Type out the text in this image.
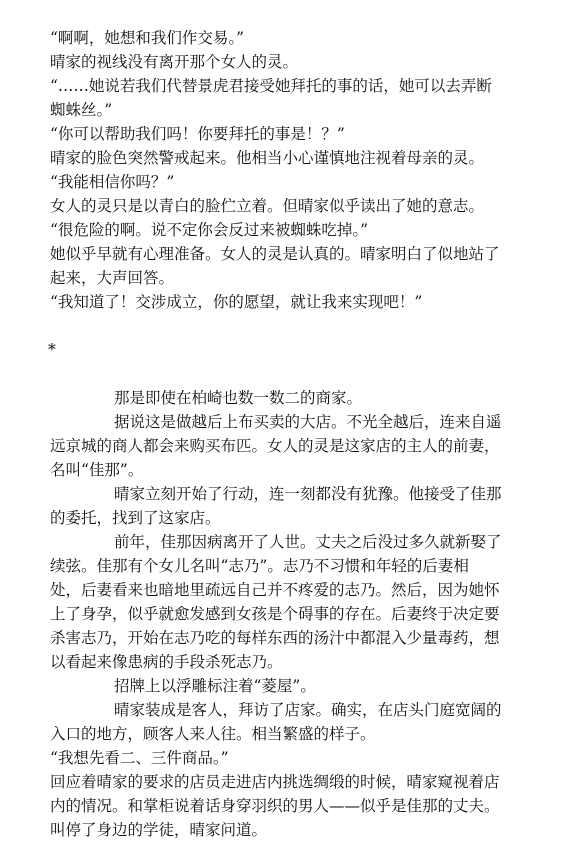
“啊啊，她想和我们作交易。”
晴家的视线没有离开那个女人的灵。
“……她说若我们代替景虎君接受她拜托的事的话，她可以去弄断
蜘蛛丝。”
“你可以帮助我们吗！你要拜托的事是！？”
晴家的脸色突然警戒起来。他相当小心谨慎地注视着母亲的灵。
“我能相信你吗？”
女人的灵只是以青白的脸伫立着。但晴家似乎读出了她的意志。
“很危险的啊。说不定你会反过来被蜘蛛吃掉。”
她似乎早就有心理准备。女人的灵是认真的。晴家明白了似地站了
起来，大声回答。
“我知道了！交涉成立，你的愿望，就让我来实现吧！”
*
那是即使在柏崎也数一数二的商家。
据说这是做越后上布买卖的大店。不光全越后，连来自遥
远京城的商人都会来购买布匹。女人的灵是这家店的主人的前妻，
名叫“佳那”。
晴家立刻开始了行动，连一刻都没有犹豫。他接受了佳那
的委托，找到了这家店。
前年，佳那因病离开了人世。丈夫之后没过多久就新娶了
续弦。佳那有个女儿名叫“志乃”。志乃不习惯和年轻的后妻相
处，后妻看来也暗地里疏远自己并不疼爱的志乃。然后，因为她怀
上了身孕，似乎就愈发感到女孩是个碍事的存在。后妻终于决定要
杀害志乃，开始在志乃吃的每样东西的汤汁中都混入少量毒药，想
以看起来像患病的手段杀死志乃。
招牌上以浮雕标注着“菱屋”。
晴家装成是客人，拜访了店家。确实，在店头门庭宽阔的
入口的地方，顾客人来人往。相当繁盛的样子。
“我想先看二、三件商品。”
回应着晴家的要求的店员走进店内挑选绸缎的时候，晴家窥视着店
内的情况。和掌柜说着话身穿羽织的男人——似乎是佳那的丈夫。
叫停了身边的学徒，晴家问道。
